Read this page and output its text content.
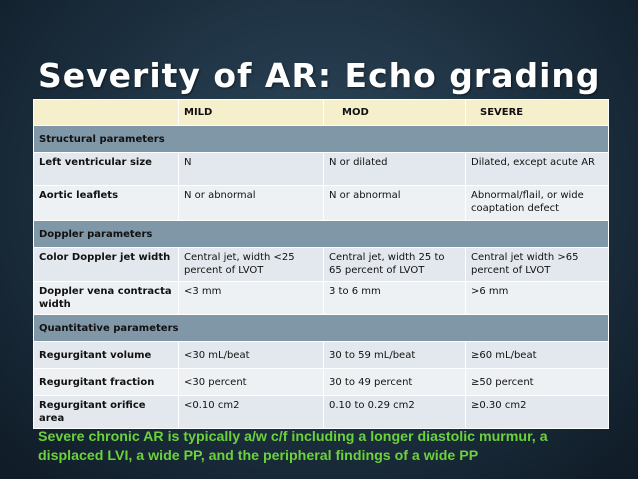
Severity of AR: Echo grading
	MILD	MOD	SEVERE
Structural parameters			
Left ventricular size	N	N or dilated	Dilated, except acute AR
Aortic leaflets	N or abnormal	N or abnormal	Abnormal/flail, or wide coaptation defect
Doppler parameters			
Color Doppler jet width	Central jet, width <25 percent of LVOT	Central jet, width 25 to 65 percent of LVOT	Central jet width >65 percent of LVOT
Doppler vena contracta width	<3 mm	3 to 6 mm	>6 mm
Quantitative parameters			
Regurgitant volume	<30 mL/beat	30 to 59 mL/beat	≥60 mL/beat
Regurgitant fraction	<30 percent	30 to 49 percent	≥50 percent
Regurgitant orifice area	<0.10 cm2	0.10 to 0.29 cm2	≥0.30 cm2
Severe chronic AR is typically a/w c/f including a longer diastolic murmur, a displaced LVI, a wide PP, and the peripheral findings of a wide PP
